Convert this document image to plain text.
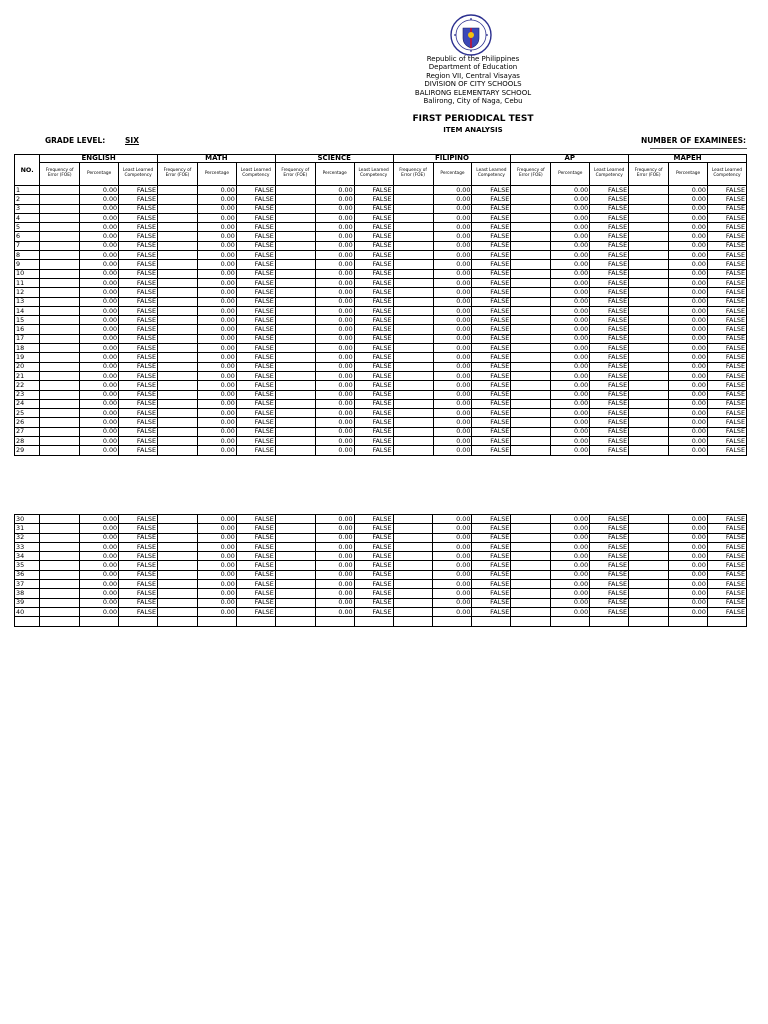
Republic of the Philippines
Department of Education
Region VII, Central Visayas
DIVISION OF CITY SCHOOLS
BALIRONG ELEMENTARY SCHOOL
Balirong, City of Naga, Cebu
FIRST PERIODICAL TEST
ITEM ANALYSIS
GRADE LEVEL:	SIX	NUMBER OF EXAMINEES:
NO.	ENGLISH			MATH			SCIENCE			FILIPINO			AP			MAPEH		
	Frequency of Error (FOE)	Percentage	Least Learned Competency	Frequency of Error (FOE)	Percentage	Least Learned Competency	Frequency of Error (FOE)	Percentage	Least Learned Competency	Frequency of Error (FOE)	Percentage	Least Learned Competency	Frequency of Error (FOE)	Percentage	Least Learned Competency	Frequency of Error (FOE)	Percentage	Least Learned Competency
1		0.00	FALSE		0.00	FALSE		0.00	FALSE		0.00	FALSE		0.00	FALSE		0.00	FALSE
2		0.00	FALSE		0.00	FALSE		0.00	FALSE		0.00	FALSE		0.00	FALSE		0.00	FALSE
3		0.00	FALSE		0.00	FALSE		0.00	FALSE		0.00	FALSE		0.00	FALSE		0.00	FALSE
4		0.00	FALSE		0.00	FALSE		0.00	FALSE		0.00	FALSE		0.00	FALSE		0.00	FALSE
5		0.00	FALSE		0.00	FALSE		0.00	FALSE		0.00	FALSE		0.00	FALSE		0.00	FALSE
6		0.00	FALSE		0.00	FALSE		0.00	FALSE		0.00	FALSE		0.00	FALSE		0.00	FALSE
7		0.00	FALSE		0.00	FALSE		0.00	FALSE		0.00	FALSE		0.00	FALSE		0.00	FALSE
8		0.00	FALSE		0.00	FALSE		0.00	FALSE		0.00	FALSE		0.00	FALSE		0.00	FALSE
9		0.00	FALSE		0.00	FALSE		0.00	FALSE		0.00	FALSE		0.00	FALSE		0.00	FALSE
10		0.00	FALSE		0.00	FALSE		0.00	FALSE		0.00	FALSE		0.00	FALSE		0.00	FALSE
11		0.00	FALSE		0.00	FALSE		0.00	FALSE		0.00	FALSE		0.00	FALSE		0.00	FALSE
12		0.00	FALSE		0.00	FALSE		0.00	FALSE		0.00	FALSE		0.00	FALSE		0.00	FALSE
13		0.00	FALSE		0.00	FALSE		0.00	FALSE		0.00	FALSE		0.00	FALSE		0.00	FALSE
14		0.00	FALSE		0.00	FALSE		0.00	FALSE		0.00	FALSE		0.00	FALSE		0.00	FALSE
15		0.00	FALSE		0.00	FALSE		0.00	FALSE		0.00	FALSE		0.00	FALSE		0.00	FALSE
16		0.00	FALSE		0.00	FALSE		0.00	FALSE		0.00	FALSE		0.00	FALSE		0.00	FALSE
17		0.00	FALSE		0.00	FALSE		0.00	FALSE		0.00	FALSE		0.00	FALSE		0.00	FALSE
18		0.00	FALSE		0.00	FALSE		0.00	FALSE		0.00	FALSE		0.00	FALSE		0.00	FALSE
19		0.00	FALSE		0.00	FALSE		0.00	FALSE		0.00	FALSE		0.00	FALSE		0.00	FALSE
20		0.00	FALSE		0.00	FALSE		0.00	FALSE		0.00	FALSE		0.00	FALSE		0.00	FALSE
21		0.00	FALSE		0.00	FALSE		0.00	FALSE		0.00	FALSE		0.00	FALSE		0.00	FALSE
22		0.00	FALSE		0.00	FALSE		0.00	FALSE		0.00	FALSE		0.00	FALSE		0.00	FALSE
23		0.00	FALSE		0.00	FALSE		0.00	FALSE		0.00	FALSE		0.00	FALSE		0.00	FALSE
24		0.00	FALSE		0.00	FALSE		0.00	FALSE		0.00	FALSE		0.00	FALSE		0.00	FALSE
25		0.00	FALSE		0.00	FALSE		0.00	FALSE		0.00	FALSE		0.00	FALSE		0.00	FALSE
26		0.00	FALSE		0.00	FALSE		0.00	FALSE		0.00	FALSE		0.00	FALSE		0.00	FALSE
27		0.00	FALSE		0.00	FALSE		0.00	FALSE		0.00	FALSE		0.00	FALSE		0.00	FALSE
28		0.00	FALSE		0.00	FALSE		0.00	FALSE		0.00	FALSE		0.00	FALSE		0.00	FALSE
29		0.00	FALSE		0.00	FALSE		0.00	FALSE		0.00	FALSE		0.00	FALSE		0.00	FALSE
30		0.00	FALSE		0.00	FALSE		0.00	FALSE		0.00	FALSE		0.00	FALSE		0.00	FALSE
31		0.00	FALSE		0.00	FALSE		0.00	FALSE		0.00	FALSE		0.00	FALSE		0.00	FALSE
32		0.00	FALSE		0.00	FALSE		0.00	FALSE		0.00	FALSE		0.00	FALSE		0.00	FALSE
33		0.00	FALSE		0.00	FALSE		0.00	FALSE		0.00	FALSE		0.00	FALSE		0.00	FALSE
34		0.00	FALSE		0.00	FALSE		0.00	FALSE		0.00	FALSE		0.00	FALSE		0.00	FALSE
35		0.00	FALSE		0.00	FALSE		0.00	FALSE		0.00	FALSE		0.00	FALSE		0.00	FALSE
36		0.00	FALSE		0.00	FALSE		0.00	FALSE		0.00	FALSE		0.00	FALSE		0.00	FALSE
37		0.00	FALSE		0.00	FALSE		0.00	FALSE		0.00	FALSE		0.00	FALSE		0.00	FALSE
38		0.00	FALSE		0.00	FALSE		0.00	FALSE		0.00	FALSE		0.00	FALSE		0.00	FALSE
39		0.00	FALSE		0.00	FALSE		0.00	FALSE		0.00	FALSE		0.00	FALSE		0.00	FALSE
40		0.00	FALSE		0.00	FALSE		0.00	FALSE		0.00	FALSE		0.00	FALSE		0.00	FALSE
